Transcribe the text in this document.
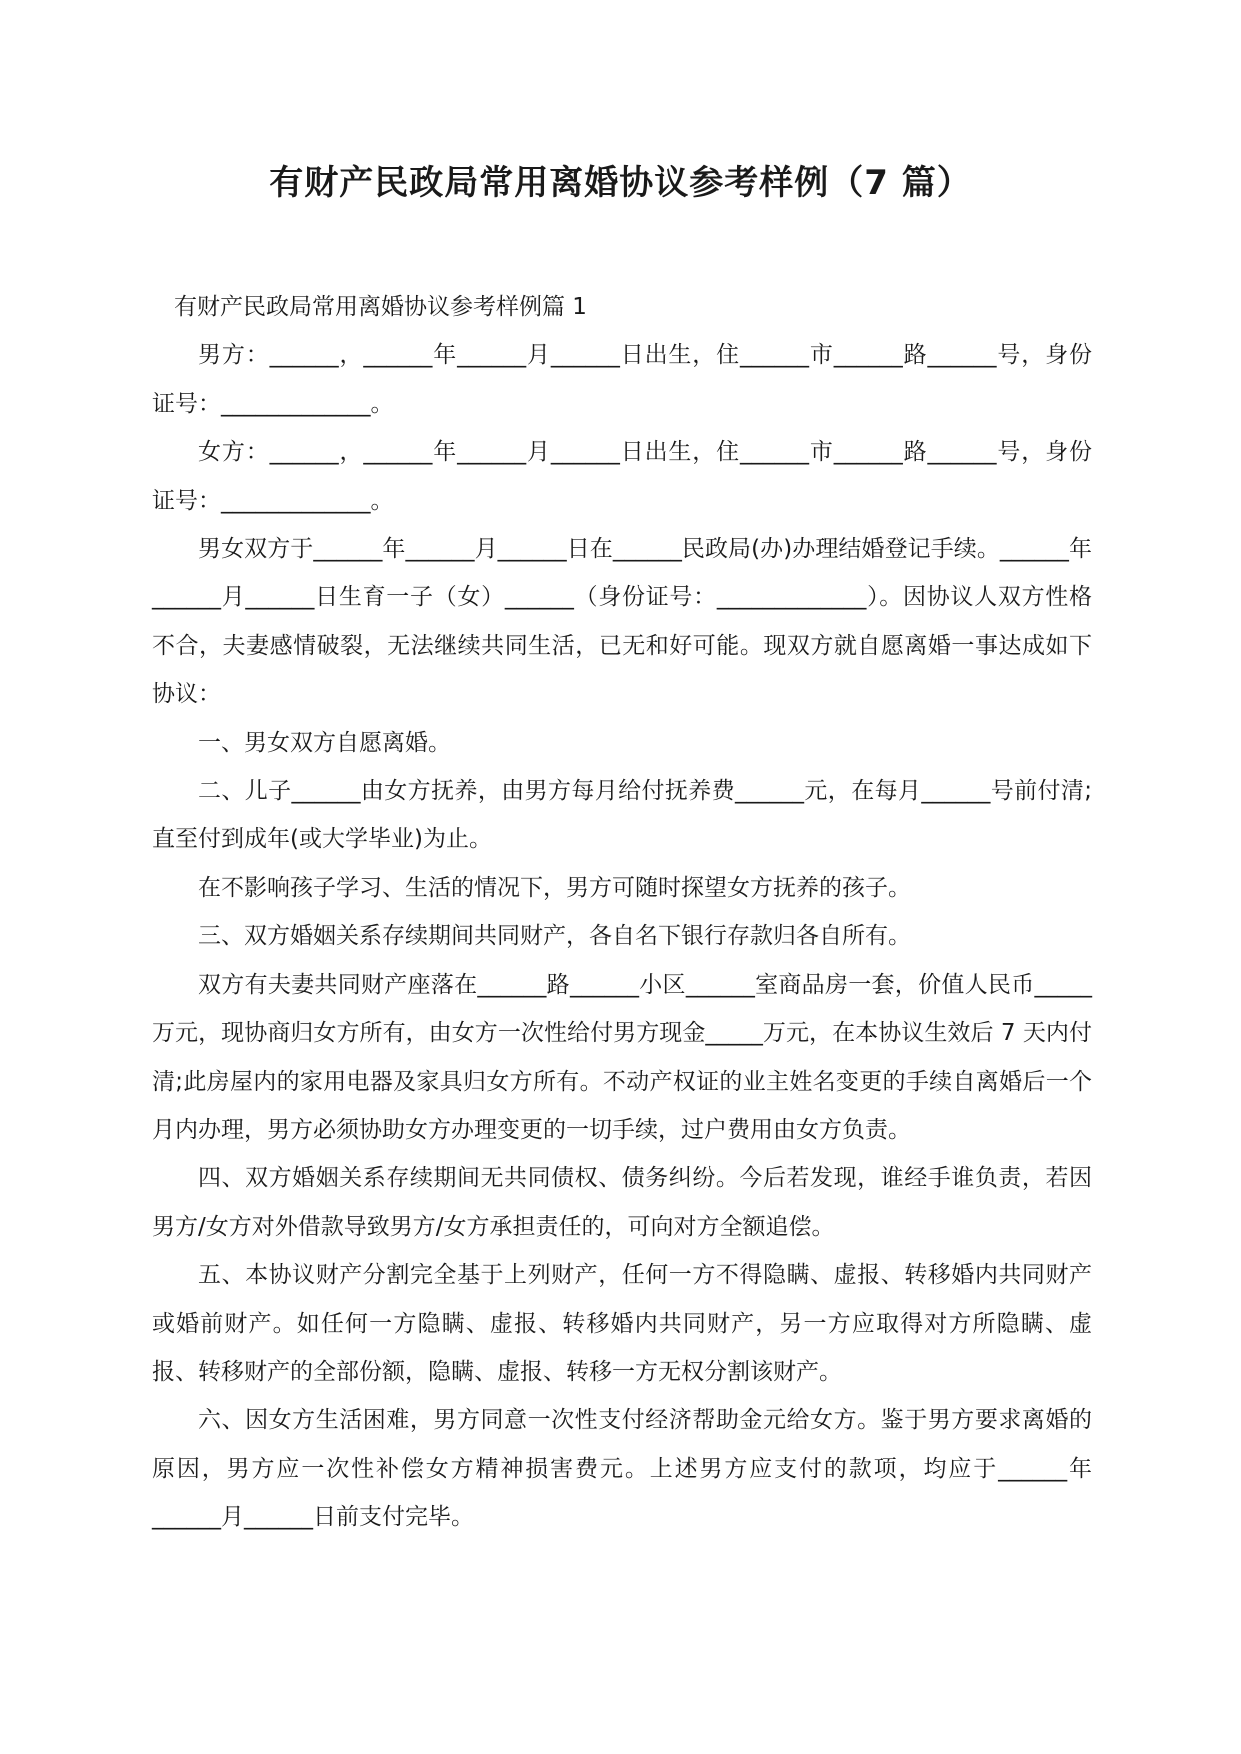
有财产民政局常用离婚协议参考样例（7 篇）

有财产民政局常用离婚协议参考样例篇 1

男方：______，______年______月______日出生，住______市______路______号，身份证号：_____________。

女方：______，______年______月______日出生，住______市______路______号，身份证号：_____________。

男女双方于______年______月______日在______民政局(办)办理结婚登记手续。______年______月______日生育一子（女）______（身份证号：_____________）。因协议人双方性格不合，夫妻感情破裂，无法继续共同生活，已无和好可能。现双方就自愿离婚一事达成如下协议：

一、男女双方自愿离婚。

二、儿子______由女方抚养，由男方每月给付抚养费______元，在每月______号前付清;直至付到成年(或大学毕业)为止。

在不影响孩子学习、生活的情况下，男方可随时探望女方抚养的孩子。

三、双方婚姻关系存续期间共同财产，各自名下银行存款归各自所有。

双方有夫妻共同财产座落在______路______小区______室商品房一套，价值人民币_____万元，现协商归女方所有，由女方一次性给付男方现金_____万元，在本协议生效后 7 天内付清;此房屋内的家用电器及家具归女方所有。不动产权证的业主姓名变更的手续自离婚后一个月内办理，男方必须协助女方办理变更的一切手续，过户费用由女方负责。

四、双方婚姻关系存续期间无共同债权、债务纠纷。今后若发现，谁经手谁负责，若因男方/女方对外借款导致男方/女方承担责任的，可向对方全额追偿。

五、本协议财产分割完全基于上列财产，任何一方不得隐瞒、虚报、转移婚内共同财产或婚前财产。如任何一方隐瞒、虚报、转移婚内共同财产，另一方应取得对方所隐瞒、虚报、转移财产的全部份额，隐瞒、虚报、转移一方无权分割该财产。

六、因女方生活困难，男方同意一次性支付经济帮助金元给女方。鉴于男方要求离婚的原因，男方应一次性补偿女方精神损害费元。上述男方应支付的款项，均应于______年______月______日前支付完毕。
